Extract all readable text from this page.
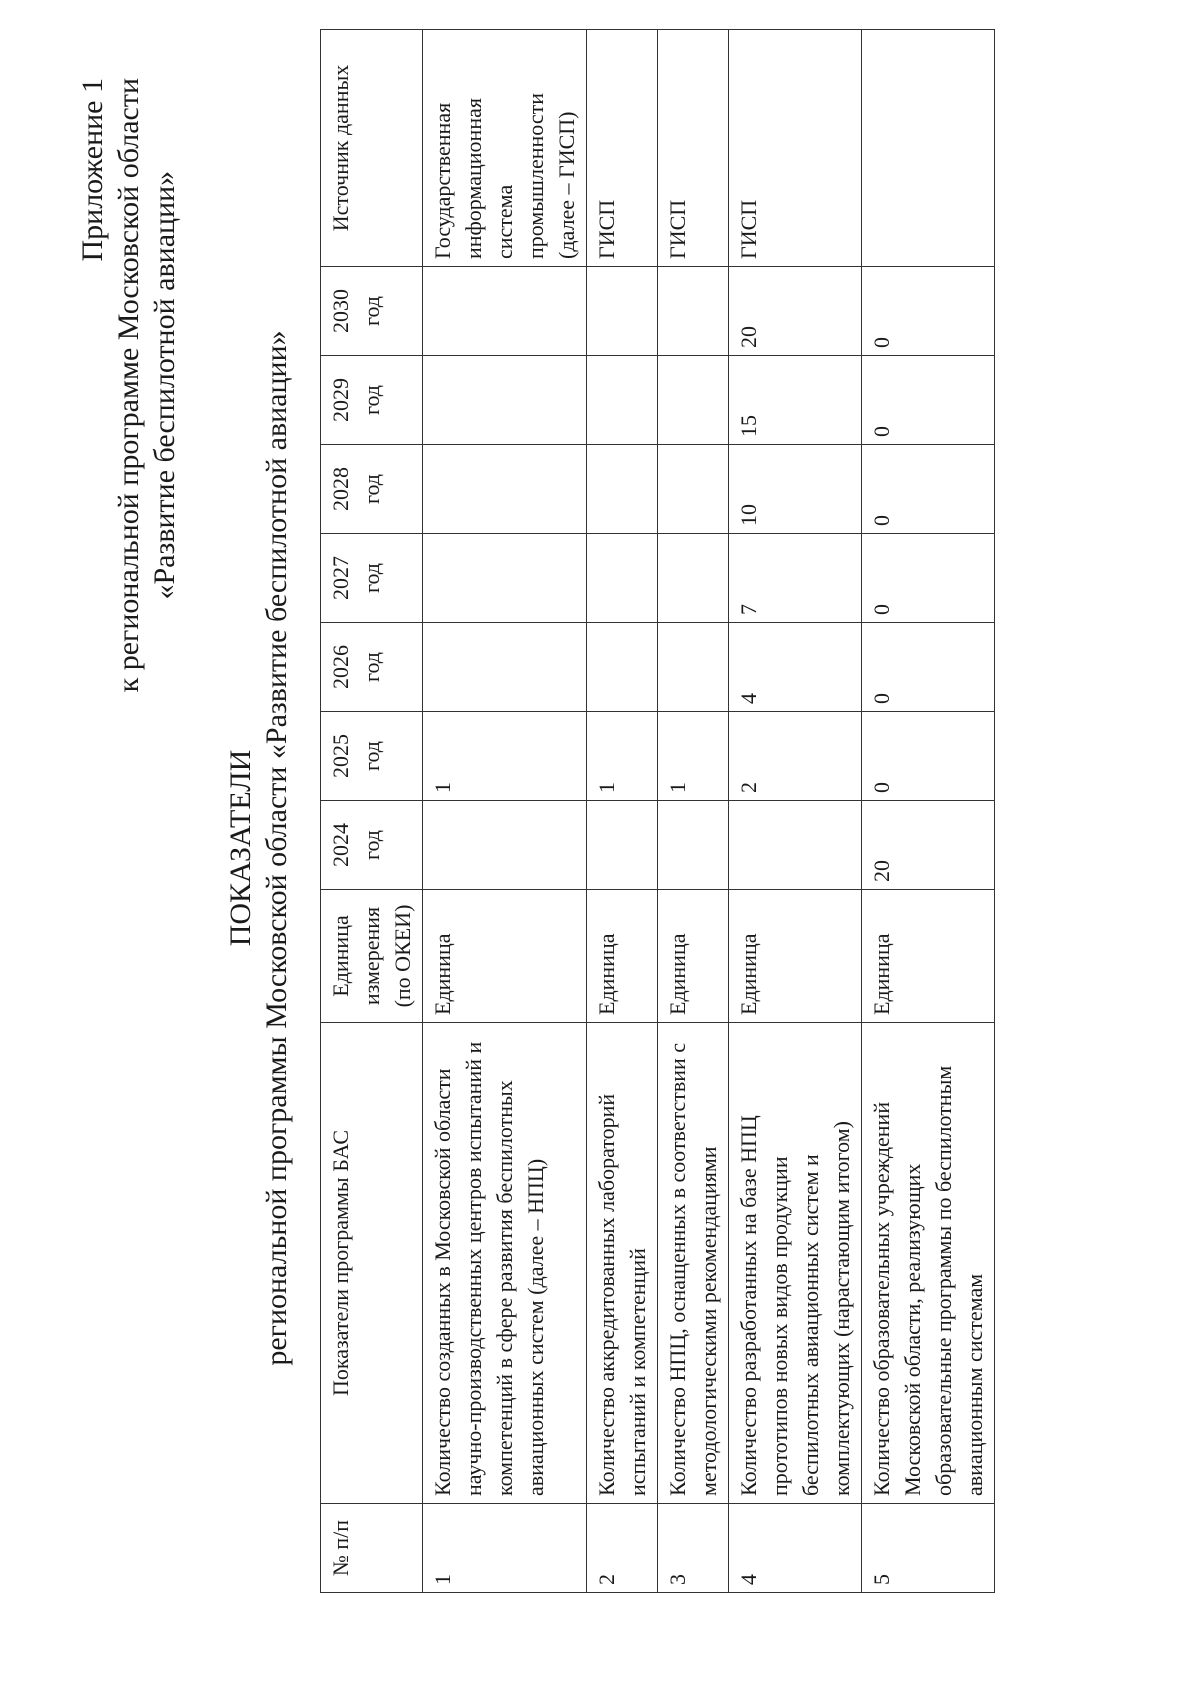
Приложение 1 к региональной программе Московской области «Развитие беспилотной авиации»
ПОКАЗАТЕЛИ региональной программы Московской области «Развитие беспилотной авиации»
№ п/п	Показатели программы БАС	Единица измерения (по ОКЕИ)	2024 год	2025 год	2026 год	2027 год	2028 год	2029 год	2030 год	Источник данных
1	Количество созданных в Московской области научно-производственных центров испытаний и компетенций в сфере развития беспилотных авиационных систем (далее – НПЦ)	Единица		1						Государственная информационная система промышленности (далее – ГИСП)
2	Количество аккредитованных лабораторий испытаний и компетенций	Единица		1						ГИСП
3	Количество НПЦ, оснащенных в соответствии с методологическими рекомендациями	Единица		1						ГИСП
4	Количество разработанных на базе НПЦ прототипов новых видов продукции беспилотных авиационных систем и комплектующих (нарастающим итогом)	Единица		2	4	7	10	15	20	ГИСП
5	Количество образовательных учреждений Московской области, реализующих образовательные программы по беспилотным авиационным системам	Единица	20	0	0	0	0	0	0	
